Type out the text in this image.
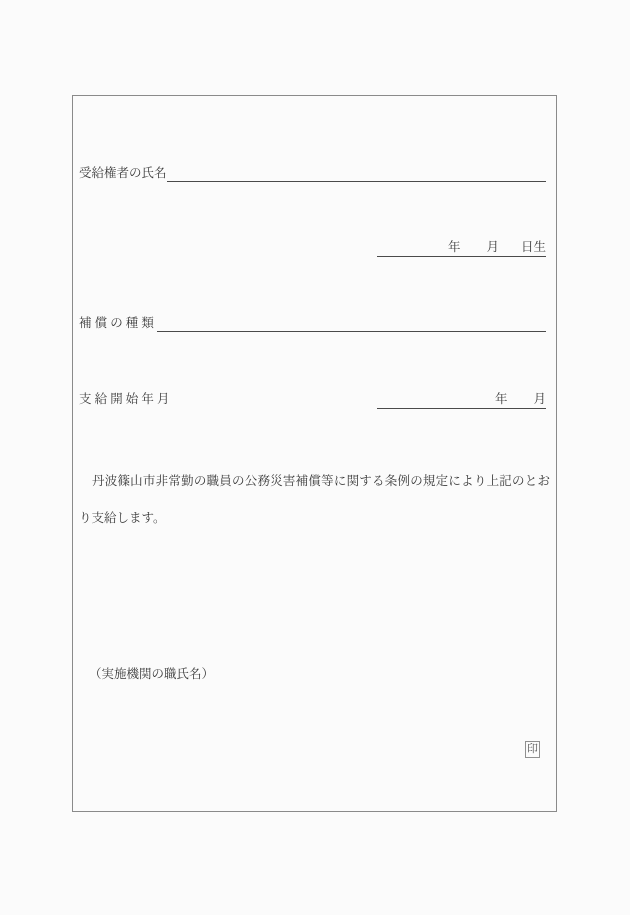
受給権者の氏名
年 月 日生
補償の種類
支給開始年月	年 月
丹波篠山市非常勤の職員の公務災害補償等に関する条例の規定により上記のとおり支給します。
（実施機関の職氏名）
印
